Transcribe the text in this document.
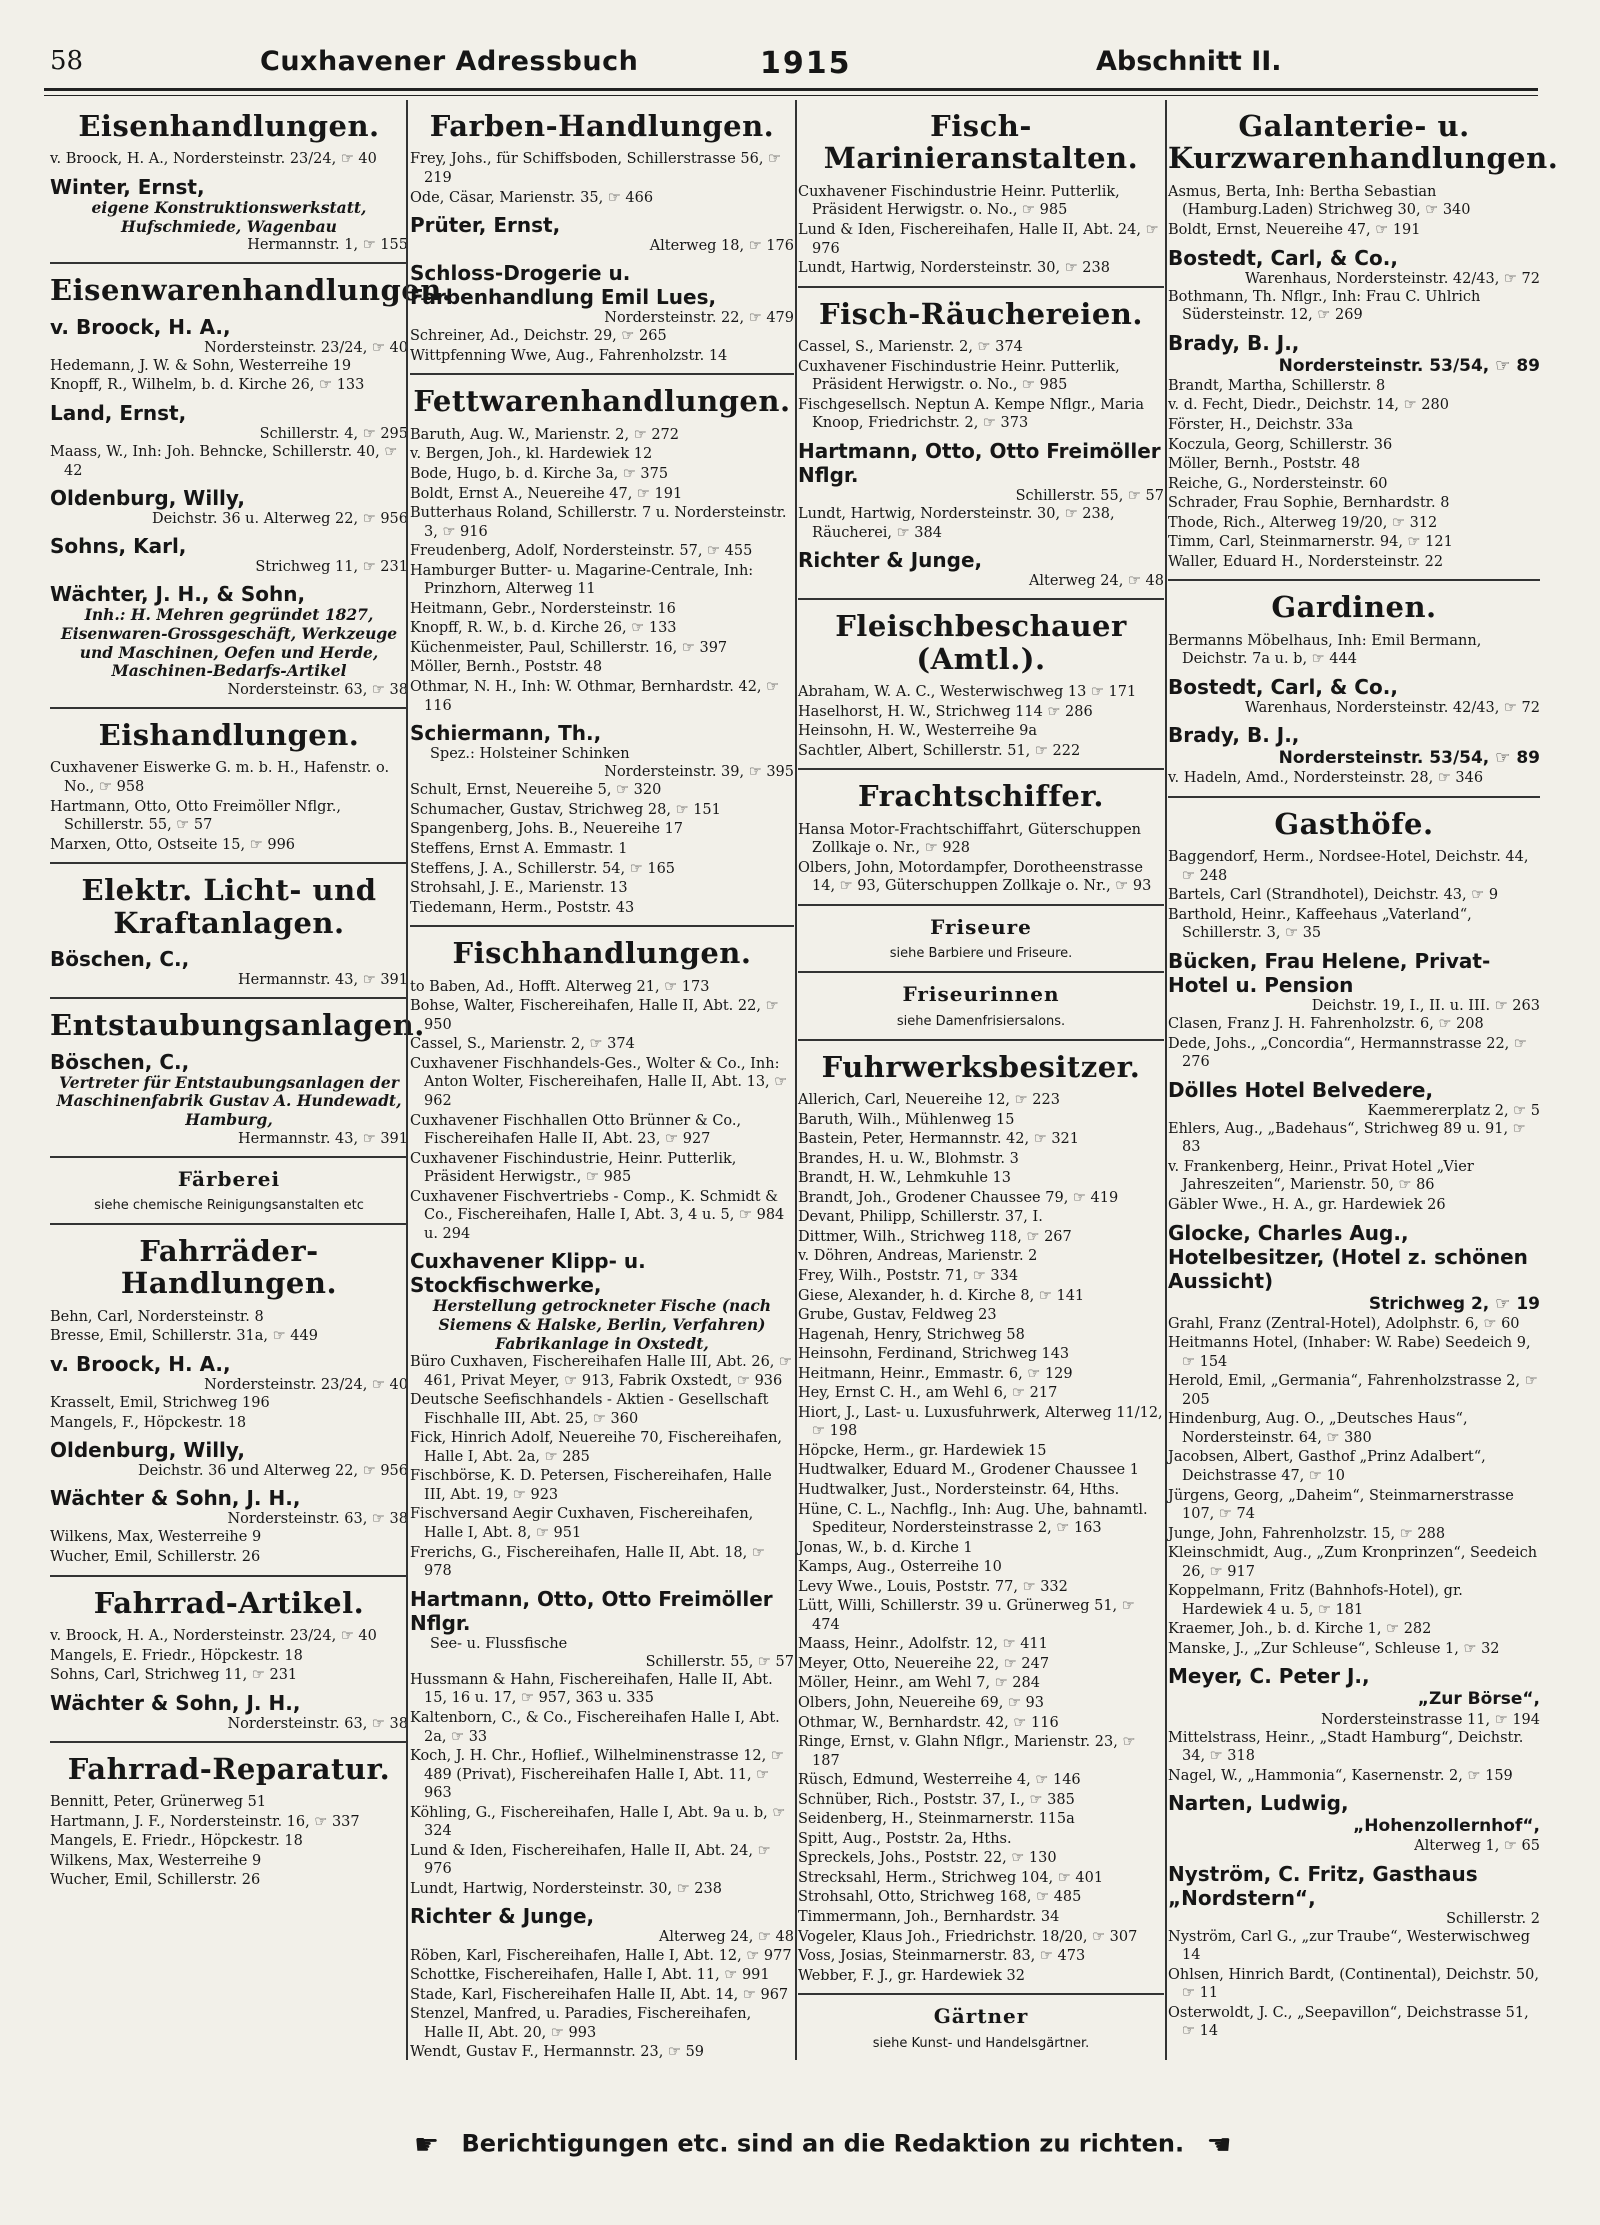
58	Cuxhavener Adressbuch	1915	Abschnitt II.
Eisenhandlungen.
v. Broock, H. A., Nordersteinstr. 23/24, ☞ 40
Winter, Ernst,
eigene Konstruktionswerkstatt, Hufschmiede, Wagenbau
Hermannstr. 1, ☞ 155
Eisenwarenhandlungen.
v. Broock, H. A.,
Nordersteinstr. 23/24, ☞ 40
Hedemann, J. W. & Sohn, Westerreihe 19
Knopff, R., Wilhelm, b. d. Kirche 26, ☞ 133
Land, Ernst,
Schillerstr. 4, ☞ 295
Maass, W., Inh: Joh. Behncke, Schillerstr. 40, ☞ 42
Oldenburg, Willy,
Deichstr. 36 u. Alterweg 22, ☞ 956
Sohns, Karl,
Strichweg 11, ☞ 231
Wächter, J. H., & Sohn,
Inh.: H. Mehren gegründet 1827, Eisenwaren-Grossgeschäft, Werkzeuge und Maschinen, Oefen und Herde, Maschinen-Bedarfs-Artikel
Nordersteinstr. 63, ☞ 38
Eishandlungen.
Cuxhavener Eiswerke G. m. b. H., Hafenstr. o. No., ☞ 958
Hartmann, Otto, Otto Freimöller Nflgr., Schillerstr. 55, ☞ 57
Marxen, Otto, Ostseite 15, ☞ 996
Elektr. Licht- und Kraftanlagen.
Böschen, C.,
Hermannstr. 43, ☞ 391
Entstaubungsanlagen.
Böschen, C.,
Vertreter für Entstaubungsanlagen der Maschinenfabrik Gustav A. Hundewadt, Hamburg,
Hermannstr. 43, ☞ 391
Färberei
siehe chemische Reinigungsanstalten etc
Fahrräder-Handlungen.
Behn, Carl, Nordersteinstr. 8
Bresse, Emil, Schillerstr. 31a, ☞ 449
v. Broock, H. A.,
Nordersteinstr. 23/24, ☞ 40
Krasselt, Emil, Strichweg 196
Mangels, F., Höpckestr. 18
Oldenburg, Willy,
Deichstr. 36 und Alterweg 22, ☞ 956
Wächter & Sohn, J. H.,
Nordersteinstr. 63, ☞ 38
Wilkens, Max, Westerreihe 9
Wucher, Emil, Schillerstr. 26
Fahrrad-Artikel.
v. Broock, H. A., Nordersteinstr. 23/24, ☞ 40
Mangels, E. Friedr., Höpckestr. 18
Sohns, Carl, Strichweg 11, ☞ 231
Wächter & Sohn, J. H.,
Nordersteinstr. 63, ☞ 38
Fahrrad-Reparatur.
Bennitt, Peter, Grünerweg 51
Hartmann, J. F., Nordersteinstr. 16, ☞ 337
Mangels, E. Friedr., Höpckestr. 18
Wilkens, Max, Westerreihe 9
Wucher, Emil, Schillerstr. 26
Farben-Handlungen.
Frey, Johs., für Schiffsboden, Schillerstrasse 56, ☞ 219
Ode, Cäsar, Marienstr. 35, ☞ 466
Prüter, Ernst,
Alterweg 18, ☞ 176
Schloss-Drogerie u. Farbenhandlung Emil Lues,
Nordersteinstr. 22, ☞ 479
Schreiner, Ad., Deichstr. 29, ☞ 265
Wittpfenning Wwe, Aug., Fahrenholzstr. 14
Fettwarenhandlungen.
Baruth, Aug. W., Marienstr. 2, ☞ 272
v. Bergen, Joh., kl. Hardewiek 12
Bode, Hugo, b. d. Kirche 3a, ☞ 375
Boldt, Ernst A., Neuereihe 47, ☞ 191
Butterhaus Roland, Schillerstr. 7 u. Nordersteinstr. 3, ☞ 916
Freudenberg, Adolf, Nordersteinstr. 57, ☞ 455
Hamburger Butter- u. Magarine-Centrale, Inh: Prinzhorn, Alterweg 11
Heitmann, Gebr., Nordersteinstr. 16
Knopff, R. W., b. d. Kirche 26, ☞ 133
Küchenmeister, Paul, Schillerstr. 16, ☞ 397
Möller, Bernh., Poststr. 48
Othmar, N. H., Inh: W. Othmar, Bernhardstr. 42, ☞ 116
Schiermann, Th.,
Spez.: Holsteiner Schinken
Nordersteinstr. 39, ☞ 395
Schult, Ernst, Neuereihe 5, ☞ 320
Schumacher, Gustav, Strichweg 28, ☞ 151
Spangenberg, Johs. B., Neuereihe 17
Steffens, Ernst A. Emmastr. 1
Steffens, J. A., Schillerstr. 54, ☞ 165
Strohsahl, J. E., Marienstr. 13
Tiedemann, Herm., Poststr. 43
Fischhandlungen.
to Baben, Ad., Hofft. Alterweg 21, ☞ 173
Bohse, Walter, Fischereihafen, Halle II, Abt. 22, ☞ 950
Cassel, S., Marienstr. 2, ☞ 374
Cuxhavener Fischhandels-Ges., Wolter & Co., Inh: Anton Wolter, Fischereihafen, Halle II, Abt. 13, ☞ 962
Cuxhavener Fischhallen Otto Brünner & Co., Fischereihafen Halle II, Abt. 23, ☞ 927
Cuxhavener Fischindustrie, Heinr. Putterlik, Präsident Herwigstr., ☞ 985
Cuxhavener Fischvertriebs - Comp., K. Schmidt & Co., Fischereihafen, Halle I, Abt. 3, 4 u. 5, ☞ 984 u. 294
Cuxhavener Klipp- u. Stockfischwerke,
Herstellung getrockneter Fische (nach Siemens & Halske, Berlin, Verfahren) Fabrikanlage in Oxstedt,
Büro Cuxhaven, Fischereihafen Halle III, Abt. 26, ☞ 461, Privat Meyer, ☞ 913, Fabrik Oxstedt, ☞ 936
Deutsche Seefischhandels - Aktien - Gesellschaft Fischhalle III, Abt. 25, ☞ 360
Fick, Hinrich Adolf, Neuereihe 70, Fischereihafen, Halle I, Abt. 2a, ☞ 285
Fischbörse, K. D. Petersen, Fischereihafen, Halle III, Abt. 19, ☞ 923
Fischversand Aegir Cuxhaven, Fischereihafen, Halle I, Abt. 8, ☞ 951
Frerichs, G., Fischereihafen, Halle II, Abt. 18, ☞ 978
Hartmann, Otto, Otto Freimöller Nflgr.
See- u. Flussfische
Schillerstr. 55, ☞ 57
Hussmann & Hahn, Fischereihafen, Halle II, Abt. 15, 16 u. 17, ☞ 957, 363 u. 335
Kaltenborn, C., & Co., Fischereihafen Halle I, Abt. 2a, ☞ 33
Koch, J. H. Chr., Hoflief., Wilhelminenstrasse 12, ☞ 489 (Privat), Fischereihafen Halle I, Abt. 11, ☞ 963
Köhling, G., Fischereihafen, Halle I, Abt. 9a u. b, ☞ 324
Lund & Iden, Fischereihafen, Halle II, Abt. 24, ☞ 976
Lundt, Hartwig, Nordersteinstr. 30, ☞ 238
Richter & Junge,
Alterweg 24, ☞ 48
Röben, Karl, Fischereihafen, Halle I, Abt. 12, ☞ 977
Schottke, Fischereihafen, Halle I, Abt. 11, ☞ 991
Stade, Karl, Fischereihafen Halle II, Abt. 14, ☞ 967
Stenzel, Manfred, u. Paradies, Fischereihafen, Halle II, Abt. 20, ☞ 993
Wendt, Gustav F., Hermannstr. 23, ☞ 59
Fisch-Marinieranstalten.
Cuxhavener Fischindustrie Heinr. Putterlik, Präsident Herwigstr. o. No., ☞ 985
Lund & Iden, Fischereihafen, Halle II, Abt. 24, ☞ 976
Lundt, Hartwig, Nordersteinstr. 30, ☞ 238
Fisch-Räuchereien.
Cassel, S., Marienstr. 2, ☞ 374
Cuxhavener Fischindustrie Heinr. Putterlik, Präsident Herwigstr. o. No., ☞ 985
Fischgesellsch. Neptun A. Kempe Nflgr., Maria Knoop, Friedrichstr. 2, ☞ 373
Hartmann, Otto, Otto Freimöller Nflgr.
Schillerstr. 55, ☞ 57
Lundt, Hartwig, Nordersteinstr. 30, ☞ 238, Räucherei, ☞ 384
Richter & Junge,
Alterweg 24, ☞ 48
Fleischbeschauer (Amtl.).
Abraham, W. A. C., Westerwischweg 13 ☞ 171
Haselhorst, H. W., Strichweg 114 ☞ 286
Heinsohn, H. W., Westerreihe 9a
Sachtler, Albert, Schillerstr. 51, ☞ 222
Frachtschiffer.
Hansa Motor-Frachtschiffahrt, Güterschuppen Zollkaje o. Nr., ☞ 928
Olbers, John, Motordampfer, Dorotheenstrasse 14, ☞ 93, Güterschuppen Zollkaje o. Nr., ☞ 93
Friseure
siehe Barbiere und Friseure.
Friseurinnen
siehe Damenfrisiersalons.
Fuhrwerksbesitzer.
Allerich, Carl, Neuereihe 12, ☞ 223
Baruth, Wilh., Mühlenweg 15
Bastein, Peter, Hermannstr. 42, ☞ 321
Brandes, H. u. W., Blohmstr. 3
Brandt, H. W., Lehmkuhle 13
Brandt, Joh., Grodener Chaussee 79, ☞ 419
Devant, Philipp, Schillerstr. 37, I.
Dittmer, Wilh., Strichweg 118, ☞ 267
v. Döhren, Andreas, Marienstr. 2
Frey, Wilh., Poststr. 71, ☞ 334
Giese, Alexander, h. d. Kirche 8, ☞ 141
Grube, Gustav, Feldweg 23
Hagenah, Henry, Strichweg 58
Heinsohn, Ferdinand, Strichweg 143
Heitmann, Heinr., Emmastr. 6, ☞ 129
Hey, Ernst C. H., am Wehl 6, ☞ 217
Hiort, J., Last- u. Luxusfuhrwerk, Alterweg 11/12, ☞ 198
Höpcke, Herm., gr. Hardewiek 15
Hudtwalker, Eduard M., Grodener Chaussee 1
Hudtwalker, Just., Nordersteinstr. 64, Hths.
Hüne, C. L., Nachflg., Inh: Aug. Uhe, bahnamtl. Spediteur, Nordersteinstrasse 2, ☞ 163
Jonas, W., b. d. Kirche 1
Kamps, Aug., Osterreihe 10
Levy Wwe., Louis, Poststr. 77, ☞ 332
Lütt, Willi, Schillerstr. 39 u. Grünerweg 51, ☞ 474
Maass, Heinr., Adolfstr. 12, ☞ 411
Meyer, Otto, Neuereihe 22, ☞ 247
Möller, Heinr., am Wehl 7, ☞ 284
Olbers, John, Neuereihe 69, ☞ 93
Othmar, W., Bernhardstr. 42, ☞ 116
Ringe, Ernst, v. Glahn Nflgr., Marienstr. 23, ☞ 187
Rüsch, Edmund, Westerreihe 4, ☞ 146
Schnüber, Rich., Poststr. 37, I., ☞ 385
Seidenberg, H., Steinmarnerstr. 115a
Spitt, Aug., Poststr. 2a, Hths.
Spreckels, Johs., Poststr. 22, ☞ 130
Strecksahl, Herm., Strichweg 104, ☞ 401
Strohsahl, Otto, Strichweg 168, ☞ 485
Timmermann, Joh., Bernhardstr. 34
Vogeler, Klaus Joh., Friedrichstr. 18/20, ☞ 307
Voss, Josias, Steinmarnerstr. 83, ☞ 473
Webber, F. J., gr. Hardewiek 32
Gärtner
siehe Kunst- und Handelsgärtner.
Galanterie- u. Kurzwarenhandlungen.
Asmus, Berta, Inh: Bertha Sebastian (Hamburg.Laden) Strichweg 30, ☞ 340
Boldt, Ernst, Neuereihe 47, ☞ 191
Bostedt, Carl, & Co.,
Warenhaus, Nordersteinstr. 42/43, ☞ 72
Bothmann, Th. Nflgr., Inh: Frau C. Uhlrich Südersteinstr. 12, ☞ 269
Brady, B. J.,
Nordersteinstr. 53/54, ☞ 89
Brandt, Martha, Schillerstr. 8
v. d. Fecht, Diedr., Deichstr. 14, ☞ 280
Förster, H., Deichstr. 33a
Koczula, Georg, Schillerstr. 36
Möller, Bernh., Poststr. 48
Reiche, G., Nordersteinstr. 60
Schrader, Frau Sophie, Bernhardstr. 8
Thode, Rich., Alterweg 19/20, ☞ 312
Timm, Carl, Steinmarnerstr. 94, ☞ 121
Waller, Eduard H., Nordersteinstr. 22
Gardinen.
Bermanns Möbelhaus, Inh: Emil Bermann, Deichstr. 7a u. b, ☞ 444
Bostedt, Carl, & Co.,
Warenhaus, Nordersteinstr. 42/43, ☞ 72
Brady, B. J.,
Nordersteinstr. 53/54, ☞ 89
v. Hadeln, Amd., Nordersteinstr. 28, ☞ 346
Gasthöfe.
Baggendorf, Herm., Nordsee-Hotel, Deichstr. 44, ☞ 248
Bartels, Carl (Strandhotel), Deichstr. 43, ☞ 9
Barthold, Heinr., Kaffeehaus „Vaterland“, Schillerstr. 3, ☞ 35
Bücken, Frau Helene, Privat-Hotel u. Pension
Deichstr. 19, I., II. u. III. ☞ 263
Clasen, Franz J. H. Fahrenholzstr. 6, ☞ 208
Dede, Johs., „Concordia“, Hermannstrasse 22, ☞ 276
Dölles Hotel Belvedere,
Kaemmererplatz 2, ☞ 5
Ehlers, Aug., „Badehaus“, Strichweg 89 u. 91, ☞ 83
v. Frankenberg, Heinr., Privat Hotel „Vier Jahreszeiten“, Marienstr. 50, ☞ 86
Gäbler Wwe., H. A., gr. Hardewiek 26
Glocke, Charles Aug., Hotelbesitzer, (Hotel z. schönen Aussicht)
Strichweg 2, ☞ 19
Grahl, Franz (Zentral-Hotel), Adolphstr. 6, ☞ 60
Heitmanns Hotel, (Inhaber: W. Rabe) Seedeich 9, ☞ 154
Herold, Emil, „Germania“, Fahrenholzstrasse 2, ☞ 205
Hindenburg, Aug. O., „Deutsches Haus“, Nordersteinstr. 64, ☞ 380
Jacobsen, Albert, Gasthof „Prinz Adalbert“, Deichstrasse 47, ☞ 10
Jürgens, Georg, „Daheim“, Steinmarnerstrasse 107, ☞ 74
Junge, John, Fahrenholzstr. 15, ☞ 288
Kleinschmidt, Aug., „Zum Kronprinzen“, Seedeich 26, ☞ 917
Koppelmann, Fritz (Bahnhofs-Hotel), gr. Hardewiek 4 u. 5, ☞ 181
Kraemer, Joh., b. d. Kirche 1, ☞ 282
Manske, J., „Zur Schleuse“, Schleuse 1, ☞ 32
Meyer, C. Peter J.,
„Zur Börse“,
Nordersteinstrasse 11, ☞ 194
Mittelstrass, Heinr., „Stadt Hamburg“, Deichstr. 34, ☞ 318
Nagel, W., „Hammonia“, Kasernenstr. 2, ☞ 159
Narten, Ludwig,
„Hohenzollernhof“,
Alterweg 1, ☞ 65
Nyström, C. Fritz, Gasthaus „Nordstern“,
Schillerstr. 2
Nyström, Carl G., „zur Traube“, Westerwischweg 14
Ohlsen, Hinrich Bardt, (Continental), Deichstr. 50, ☞ 11
Osterwoldt, J. C., „Seepavillon“, Deichstrasse 51, ☞ 14
☛ Berichtigungen etc. sind an die Redaktion zu richten. ☚
